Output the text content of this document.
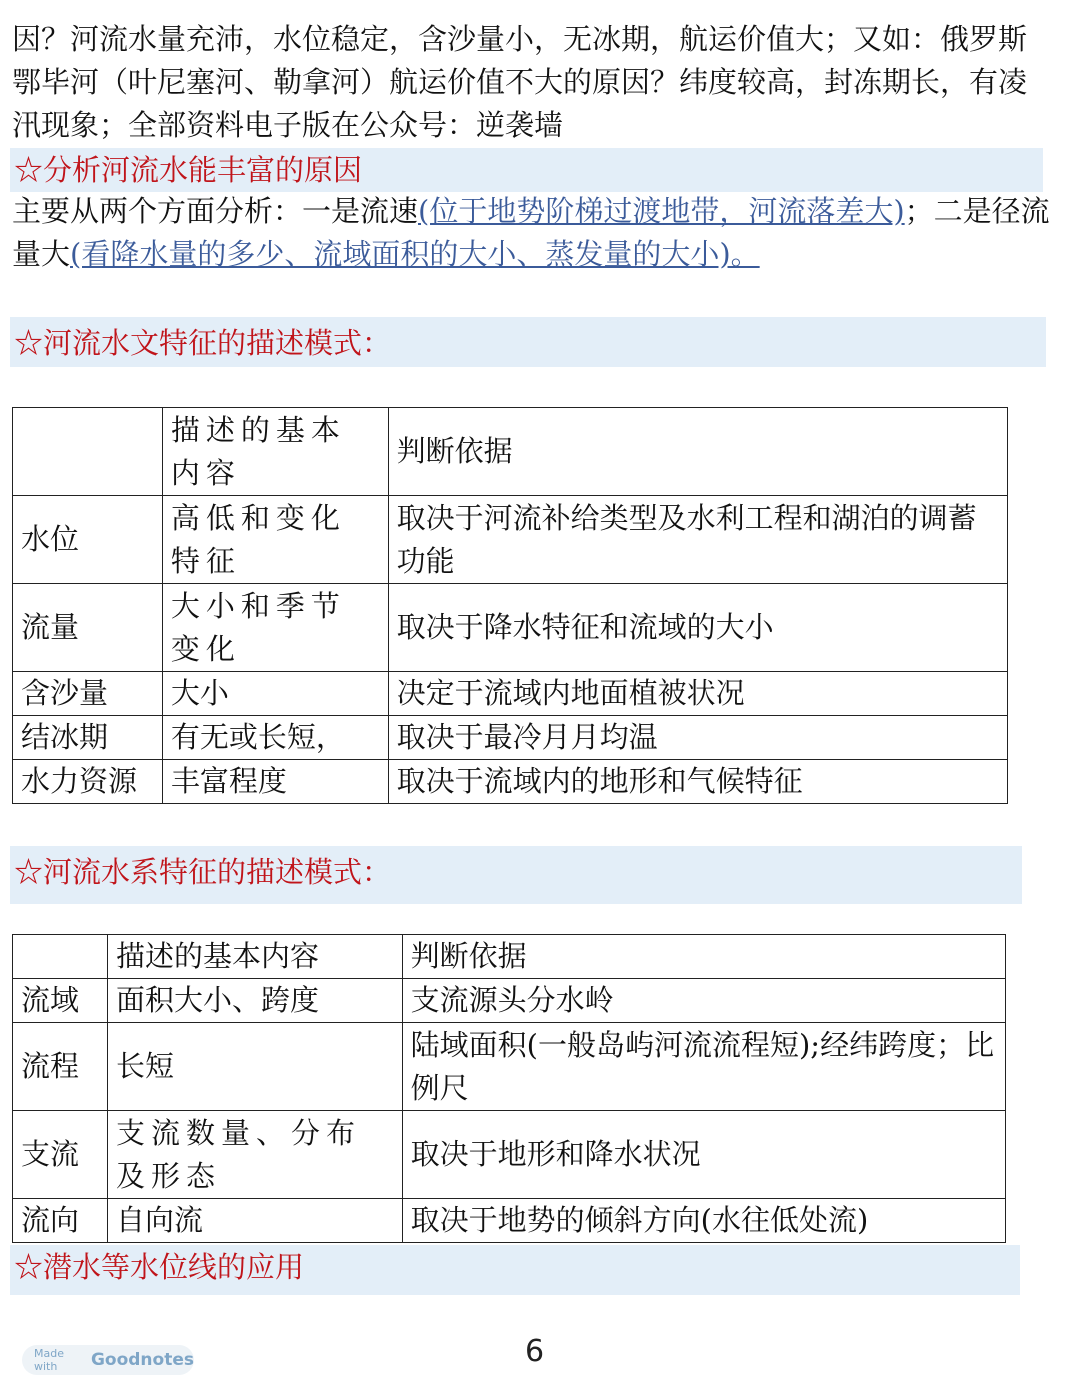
因？河流水量充沛，水位稳定，含沙量小，无冰期，航运价值大；又如：俄罗斯鄂毕河（叶尼塞河、勒拿河）航运价值不大的原因？纬度较高，封冻期长，有凌汛现象；全部资料电子版在公众号：逆袭墙

☆分析河流水能丰富的原因

主要从两个方面分析：一是流速(位于地势阶梯过渡地带，河流落差大)；二是径流量大(看降水量的多少、流域面积的大小、蒸发量的大小)。

☆河流水文特征的描述模式：
	描述的基本内容	判断依据
水位	高低和变化特征	取决于河流补给类型及水利工程和湖泊的调蓄功能
流量	大小和季节变化	取决于降水特征和流域的大小
含沙量	大小	决定于流域内地面植被状况
结冰期	有无或长短，	取决于最冷月月均温
水力资源	丰富程度	取决于流域内的地形和气候特征
☆河流水系特征的描述模式：
	描述的基本内容	判断依据
流域	面积大小、跨度	支流源头分水岭
流程	长短	陆域面积(一般岛屿河流流程短);经纬跨度；比例尺
支流	支流数量、分布及形态	取决于地形和降水状况
流向	自向流	取决于地势的倾斜方向(水往低处流)
☆潜水等水位线的应用
Made with	Goodnotes	6
